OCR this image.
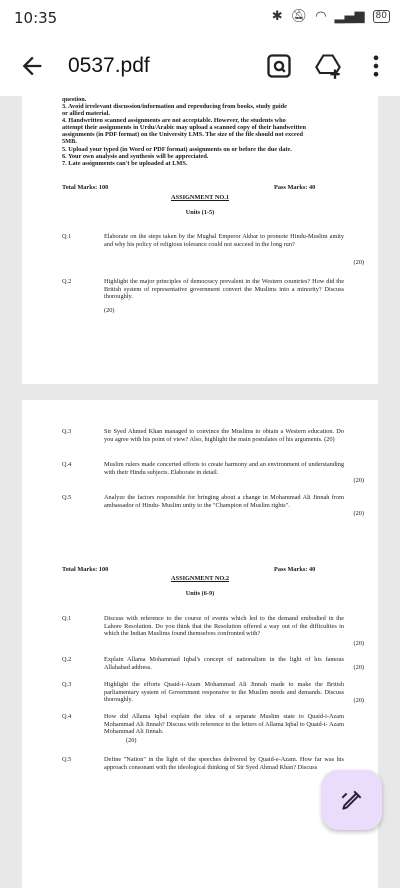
10:35	✱ 🔕︎ ◠ ▂▄▆	80
0537.pdf
question.
3. Avoid irrelevant discussion/information and reproducing from books, study guide
or allied material.
4. Handwritten scanned assignments are not acceptable. However, the students who
attempt their assignments in Urdu/Arabic may upload a scanned copy of their handwritten
assignments (in PDF format) on the University LMS. The size of the file should not exceed
5MB.
5. Upload your typed (in Word or PDF format) assignments on or before the due date.
6. Your own analysis and synthesis will be appreciated.
7. Late assignments can't be uploaded at LMS.
Total Marks: 100	Pass Marks: 40
ASSIGNMENT NO.1
Units (1-5)
Q.1	Elaborate on the steps taken by the Mughal Emperor Akbar to promote Hindu-Muslim amity and why his policy of religious tolerance could not succeed in the long run?
(20)
Q.2	Highlight the major principles of democracy prevalent in the Western countries? How did the British system of representative government convert the Muslims into a minority? Discuss thoroughly.
(20)
Q.3	Sir Syed Ahmed Khan managed to convince the Muslims to obtain a Western education. Do you agree with his point of view? Also, highlight the main postulates of his arguments. (20)
Q.4	Muslim rulers made concerted efforts to create harmony and an environment of understanding with their Hindu subjects. Elaborate in detail.
(20)
Q.5	Analyze the factors responsible for bringing about a change in Mohammad Ali Jinnah from ambassador of Hindu- Muslim unity to the "Champion of Muslim rights".
(20)
Total Marks: 100	Pass Marks: 40
ASSIGNMENT NO.2
Units (6-9)
Q.1	Discuss with reference to the course of events which led to the demand embodied in the Lahore Resolution. Do you think that the Resolution offered a way out of the difficulties in which the Indian Muslims found themselves confronted with?
(20)
Q.2	Explain Allama Mohammad Iqbal's concept of nationalism in the light of his famous Allahabad address.	(20)
Q.3	Highlight the efforts Quaid-i-Azam Mohammad Ali Jinnah made to make the British parliamentary system of Government responsive to the Muslim needs and demands. Discuss thoroughly.	(20)
Q.4	How did Allama Iqbal explain the idea of a separate Muslim state to Quaid-i-Azam Mohammad Ali Jinnah? Discuss with reference to the letters of Allama Iqbal to Quaid-i- Azam Mohammad Ali Jinnah.
(20)
Q.5	Define "Nation" in the light of the speeches delivered by Quaid-e-Azam. How far was his approach consonant with the ideological thinking of Sir Syed Ahmad Khan? Discuss
